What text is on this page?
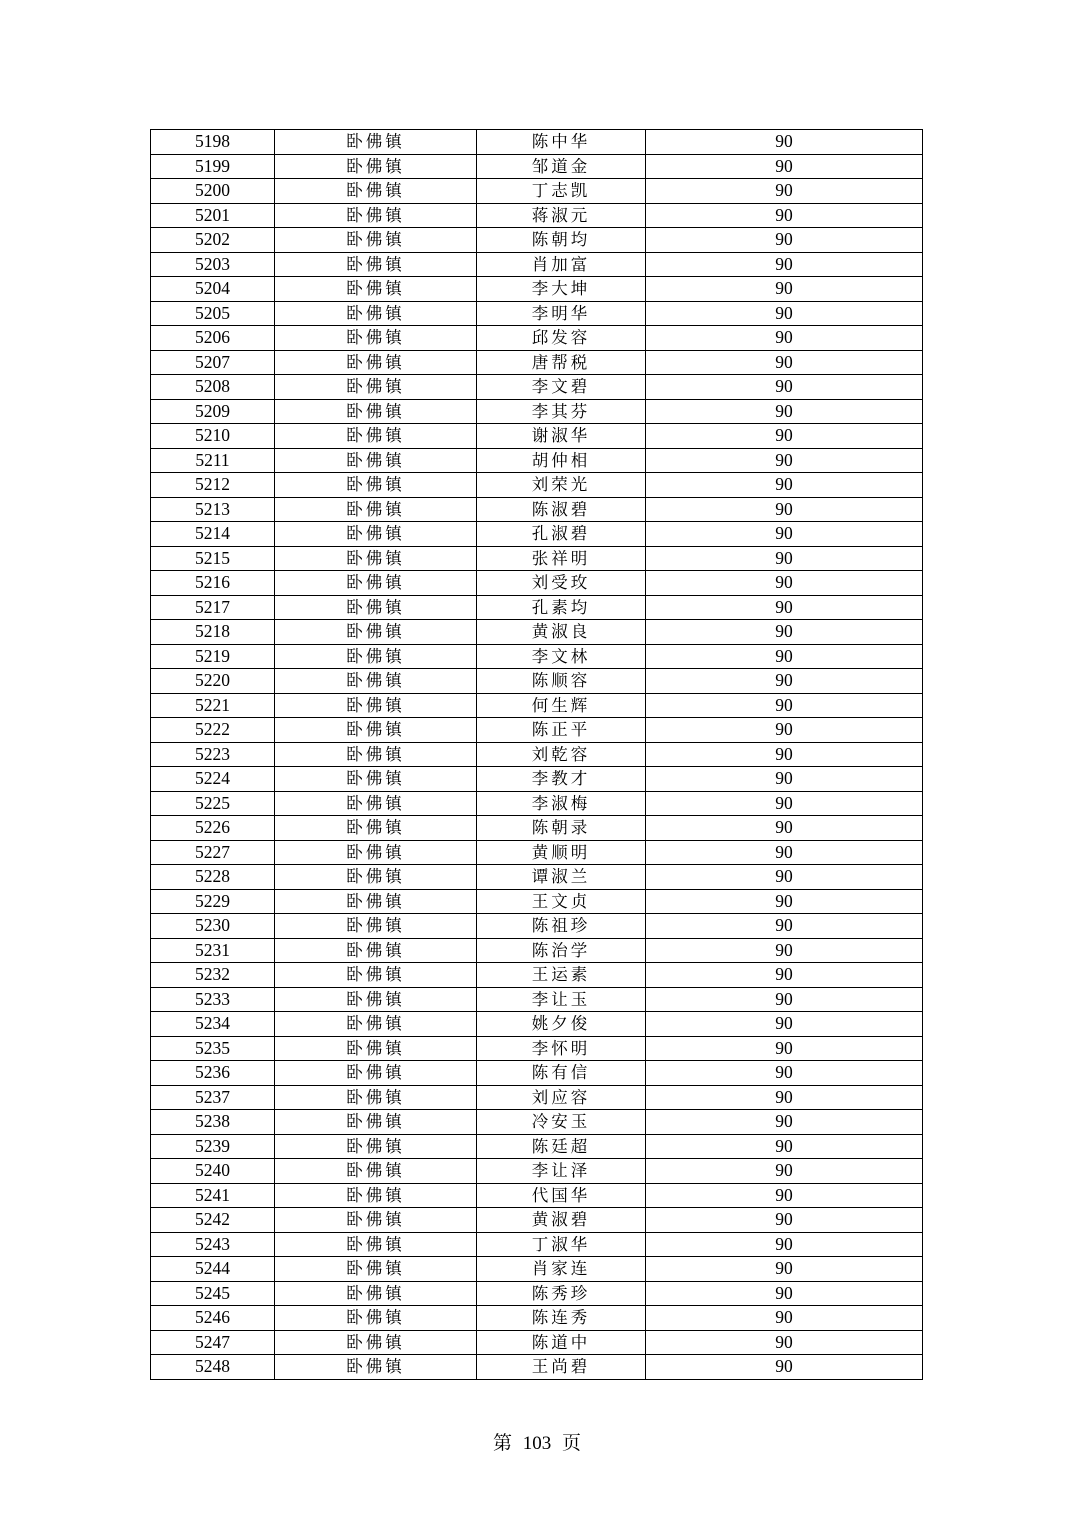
5198	卧佛镇	陈中华	90
5199	卧佛镇	邹道金	90
5200	卧佛镇	丁志凯	90
5201	卧佛镇	蒋淑元	90
5202	卧佛镇	陈朝均	90
5203	卧佛镇	肖加富	90
5204	卧佛镇	李大坤	90
5205	卧佛镇	李明华	90
5206	卧佛镇	邱发容	90
5207	卧佛镇	唐帮税	90
5208	卧佛镇	李文碧	90
5209	卧佛镇	李其芬	90
5210	卧佛镇	谢淑华	90
5211	卧佛镇	胡仲相	90
5212	卧佛镇	刘荣光	90
5213	卧佛镇	陈淑碧	90
5214	卧佛镇	孔淑碧	90
5215	卧佛镇	张祥明	90
5216	卧佛镇	刘受玫	90
5217	卧佛镇	孔素均	90
5218	卧佛镇	黄淑良	90
5219	卧佛镇	李文林	90
5220	卧佛镇	陈顺容	90
5221	卧佛镇	何生辉	90
5222	卧佛镇	陈正平	90
5223	卧佛镇	刘乾容	90
5224	卧佛镇	李教才	90
5225	卧佛镇	李淑梅	90
5226	卧佛镇	陈朝录	90
5227	卧佛镇	黄顺明	90
5228	卧佛镇	谭淑兰	90
5229	卧佛镇	王文贞	90
5230	卧佛镇	陈祖珍	90
5231	卧佛镇	陈治学	90
5232	卧佛镇	王运素	90
5233	卧佛镇	李让玉	90
5234	卧佛镇	姚夕俊	90
5235	卧佛镇	李怀明	90
5236	卧佛镇	陈有信	90
5237	卧佛镇	刘应容	90
5238	卧佛镇	冷安玉	90
5239	卧佛镇	陈廷超	90
5240	卧佛镇	李让泽	90
5241	卧佛镇	代国华	90
5242	卧佛镇	黄淑碧	90
5243	卧佛镇	丁淑华	90
5244	卧佛镇	肖家连	90
5245	卧佛镇	陈秀珍	90
5246	卧佛镇	陈连秀	90
5247	卧佛镇	陈道中	90
5248	卧佛镇	王尚碧	90
第 103 页
